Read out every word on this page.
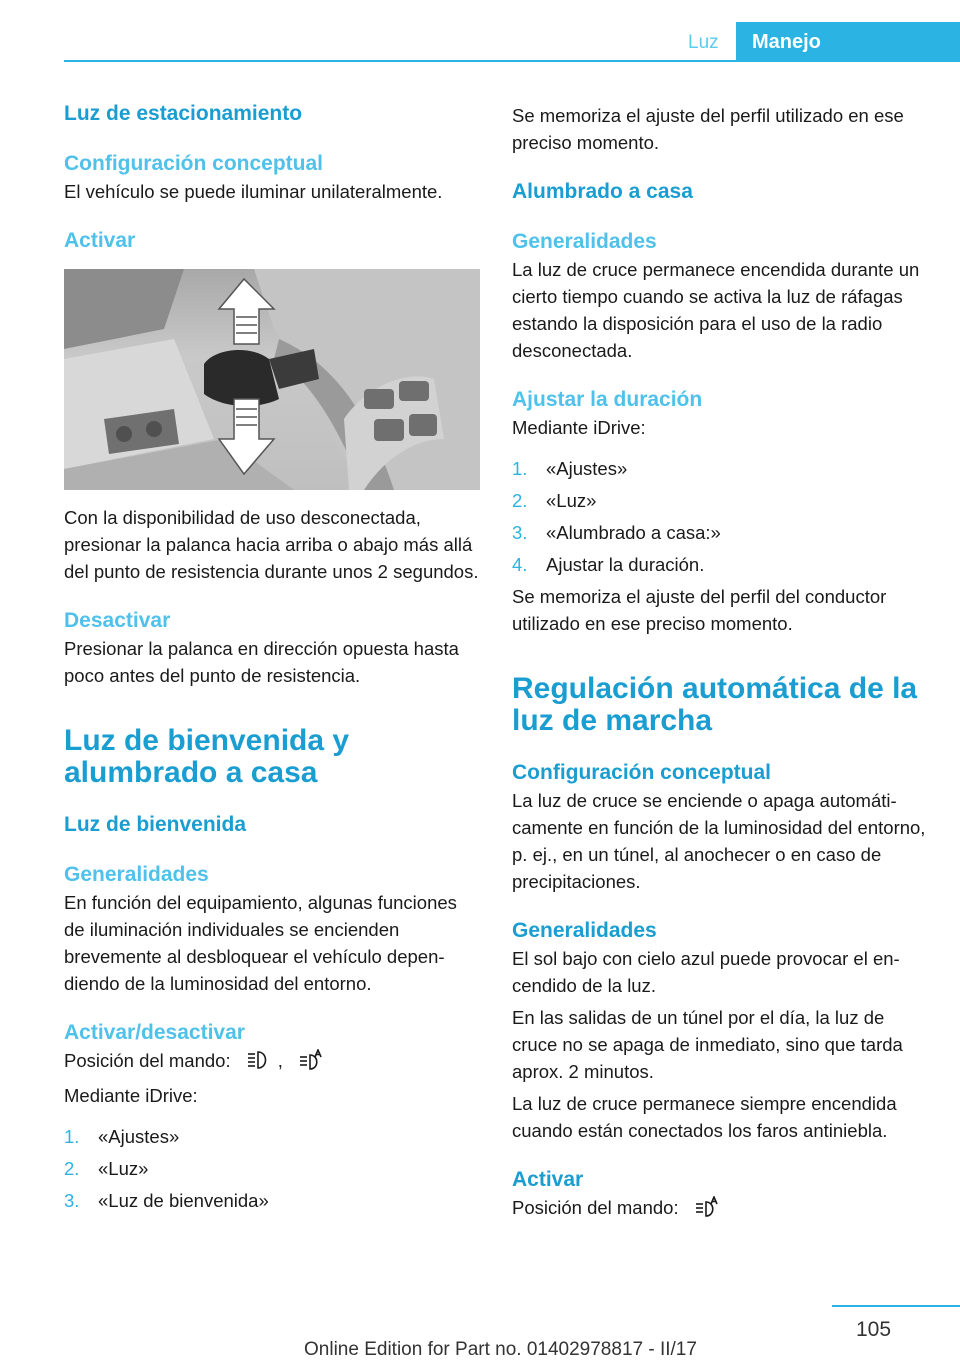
Luz	Manejo
Luz de estacionamiento
Configuración conceptual

El vehículo se puede iluminar unilateralmente.

Activar

Con la disponibilidad de uso desconectada, presionar la palanca hacia arriba o abajo más allá del punto de resistencia durante unos 2 segundos.

Desactivar

Presionar la palanca en dirección opuesta hasta poco antes del punto de resistencia.

Luz de bienvenida y alumbrado a casa
Luz de bienvenida
Generalidades

En función del equipamiento, algunas funciones de iluminación individuales se encienden brevemente al desbloquear el vehículo dependiendo de la luminosidad del entorno.

Activar/desactivar

Posición del mando:	,

Mediante iDrive:

1. «Ajustes»
2. «Luz»
3. «Luz de bienvenida»

Se memoriza el ajuste del perfil utilizado en ese preciso momento.

Alumbrado a casa
Generalidades

La luz de cruce permanece encendida durante un cierto tiempo cuando se activa la luz de ráfagas estando la disposición para el uso de la radio desconectada.

Ajustar la duración

Mediante iDrive:

1. «Ajustes»
2. «Luz»
3. «Alumbrado a casa:»
4. Ajustar la duración.

Se memoriza el ajuste del perfil del conductor utilizado en ese preciso momento.

Regulación automática de la luz de marcha
Configuración conceptual

La luz de cruce se enciende o apaga automáticamente en función de la luminosidad del entorno, p. ej., en un túnel, al anochecer o en caso de precipitaciones.

Generalidades

El sol bajo con cielo azul puede provocar el encendido de la luz.

En las salidas de un túnel por el día, la luz de cruce no se apaga de inmediato, sino que tarda aprox. 2 minutos.

La luz de cruce permanece siempre encendida cuando están conectados los faros antiniebla.

Activar

Posición del mando:

105
Online Edition for Part no. 01402978817 - II/17
